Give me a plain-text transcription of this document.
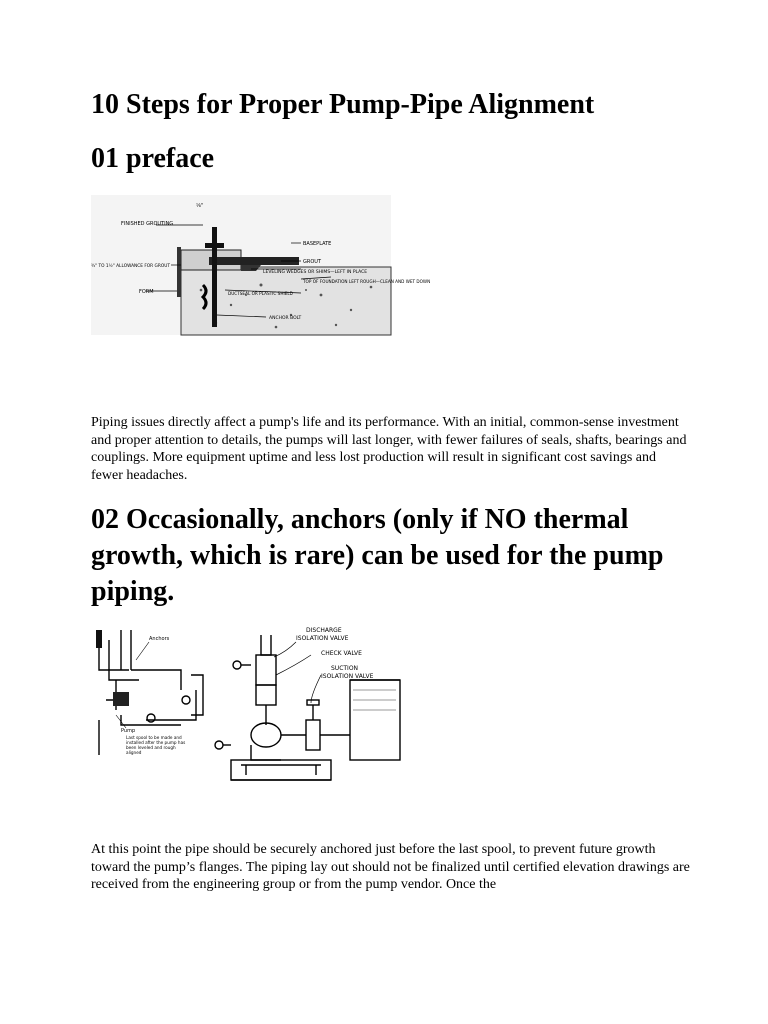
10 Steps for Proper Pump-Pipe Alignment
01 preface
⅛"
FINISHED GROUTING
¾" TO 1½" ALLOWANCE FOR GROUT
FORM
BASEPLATE
GROUT
LEVELING WEDGES OR SHIMS—LEFT IN PLACE
TOP OF FOUNDATION LEFT ROUGH—CLEAN AND WET DOWN
DUCTSEAL OR PLASTIC SHIELD
ANCHOR BOLT

Piping issues directly affect a pump's life and its performance. With an initial, common-sense investment and proper attention to details, the pumps will last longer, with fewer failures of seals, shafts, bearings and couplings. More equipment uptime and less lost production will result in significant cost savings and fewer headaches.

02 Occasionally, anchors (only if NO thermal growth, which is rare) can be used for the pump piping.
Anchors
Pump
Last spool to be made and installed after the pump has been leveled and rough aligned
DISCHARGE ISOLATION VALVE
CHECK VALVE
SUCTION ISOLATION VALVE

At this point the pipe should be securely anchored just before the last spool, to prevent future growth toward the pump’s flanges. The piping lay out should not be finalized until certified elevation drawings are received from the engineering group or from the pump vendor. Once the
